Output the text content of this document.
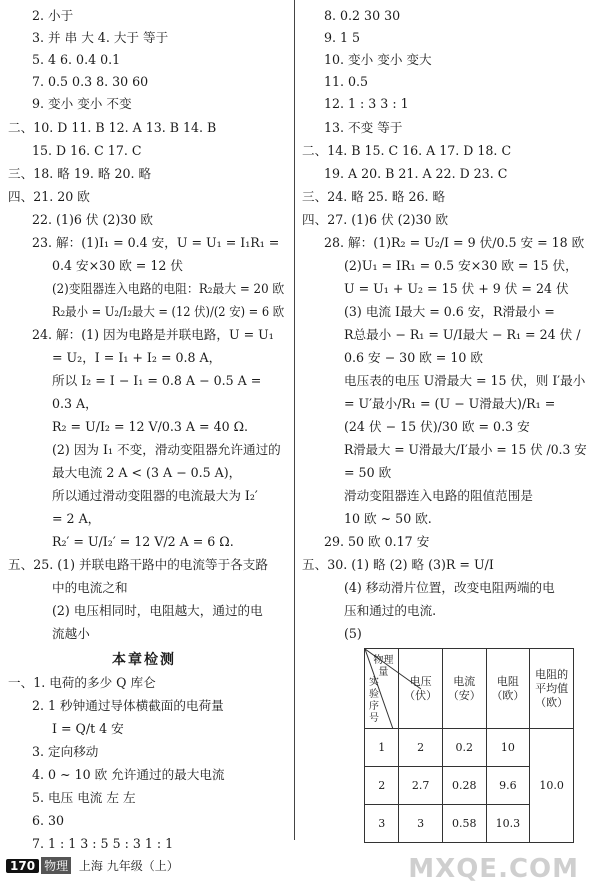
2. 小于
3. 并 串 大 4. 大于 等于
5. 4 6. 0.4 0.1
7. 0.5 0.3 8. 30 60
9. 变小 变小 不变
二、10. D 11. B 12. A 13. B 14. B
15. D 16. C 17. C
三、18. 略 19. 略 20. 略
四、21. 20 欧
22. (1)6 伏 (2)30 欧
23. 解：(1)I₁ = 0.4 安，U = U₁ = I₁R₁ =
0.4 安×30 欧 = 12 伏
(2)变阻器连入电路的电阻：R₂最大 = 20 欧
R₂最小 = U₂/I₂最大 = (12 伏)/(2 安) = 6 欧
24. 解：(1) 因为电路是并联电路，U = U₁
= U₂，I = I₁ + I₂ = 0.8 A，
所以 I₂ = I − I₁ = 0.8 A − 0.5 A =
0.3 A，
R₂ = U/I₂ = 12 V/0.3 A = 40 Ω.
(2) 因为 I₁ 不变，滑动变阻器允许通过的
最大电流 2 A < (3 A − 0.5 A)，
所以通过滑动变阻器的电流最大为 I₂′
= 2 A，
R₂′ = U/I₂′ = 12 V/2 A = 6 Ω.
五、25. (1) 并联电路干路中的电流等于各支路
中的电流之和
(2) 电压相同时，电阻越大，通过的电
流越小
一、1. 电荷的多少 Q 库仑
2. 1 秒钟通过导体横截面的电荷量
I = Q/t 4 安
3. 定向移动
4. 0 ~ 10 欧 允许通过的最大电流
5. 电压 电流 左 左
6. 30
7. 1 : 1 3 : 5 5 : 3 1 : 1
8. 0.2 30 30
9. 1 5
10. 变小 变小 变大
11. 0.5
12. 1 : 3 3 : 1
13. 不变 等于
二、14. B 15. C 16. A 17. D 18. C
19. A 20. B 21. A 22. D 23. C
三、24. 略 25. 略 26. 略
四、27. (1)6 伏 (2)30 欧
28. 解：(1)R₂ = U₂/I = 9 伏/0.5 安 = 18 欧
(2)U₁ = IR₁ = 0.5 安×30 欧 = 15 伏，
U = U₁ + U₂ = 15 伏 + 9 伏 = 24 伏
(3) 电流 I最大 = 0.6 安，R滑最小 =
R总最小 − R₁ = U/I最大 − R₁ = 24 伏 /
0.6 安 − 30 欧 = 10 欧
电压表的电压 U滑最大 = 15 伏，则 I′最小
= U′最小/R₁ = (U − U滑最大)/R₁ =
(24 伏 − 15 伏)/30 欧 = 0.3 安
R滑最大 = U滑最大/I′最小 = 15 伏 /0.3 安
= 50 欧
滑动变阻器连入电路的阻值范围是
10 欧 ~ 50 欧.
29. 50 欧 0.17 安
五、30. (1) 略 (2) 略 (3)R = U/I
(4) 移动滑片位置，改变电阻两端的电
压和通过的电流.
(5)
本章检测	物理量
实验序号	电压（伏）	电流（安）	电阻（欧）	电阻的平均值（欧）
1	2	0.2	10	10.0
2	2.7	0.28	9.6	
3	3	0.58	10.3	
170 物理 上海 九年级（上）	MXQE.COM
